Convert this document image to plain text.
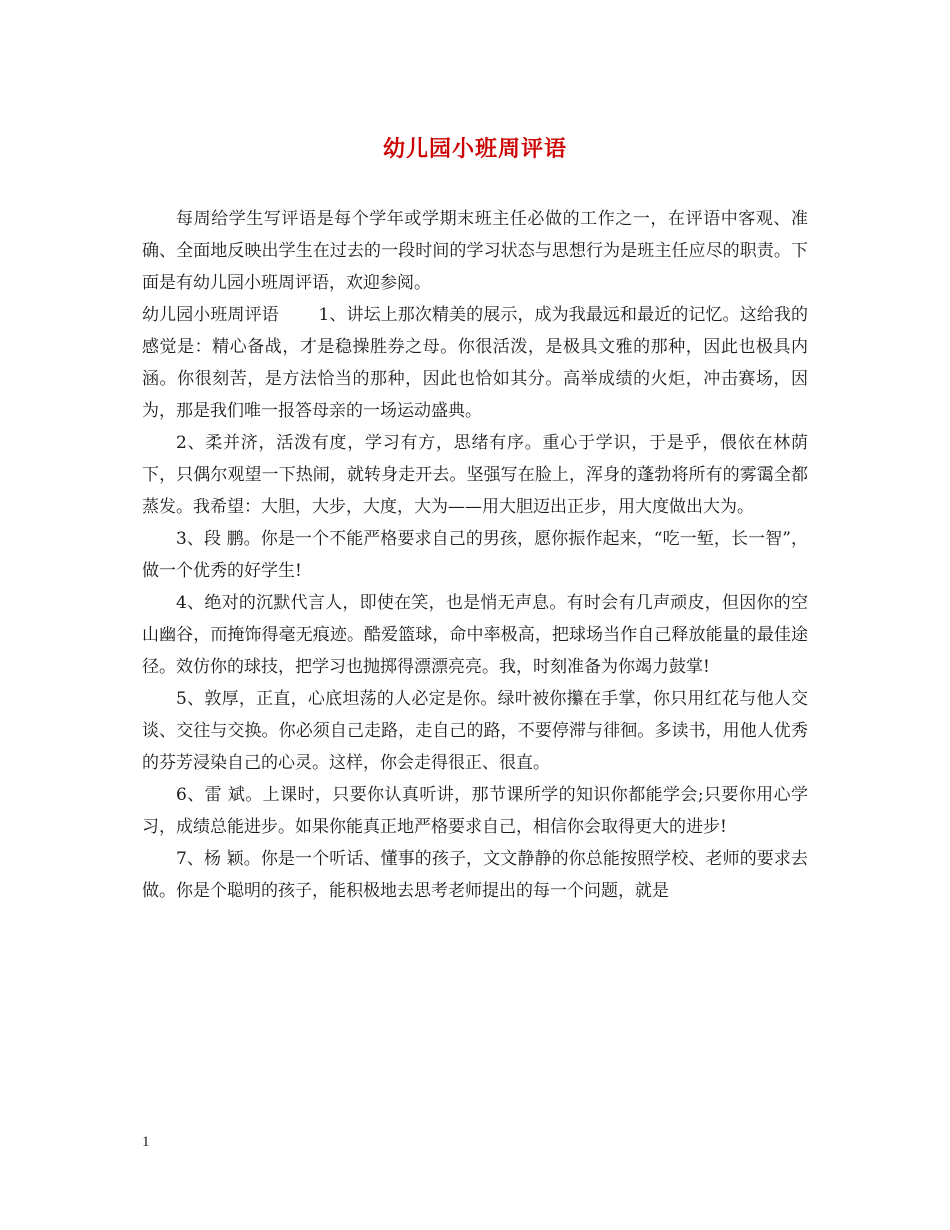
幼儿园小班周评语

每周给学生写评语是每个学年或学期末班主任必做的工作之一，在评语中客观、准确、全面地反映出学生在过去的一段时间的学习状态与思想行为是班主任应尽的职责。下面是有幼儿园小班周评语，欢迎参阅。

幼儿园小班周评语　　 1、讲坛上那次精美的展示，成为我最远和最近的记忆。这给我的感觉是：精心备战，才是稳操胜券之母。你很活泼，是极具文雅的那种，因此也极具内涵。你很刻苦，是方法恰当的那种，因此也恰如其分。高举成绩的火炬，冲击赛场，因为，那是我们唯一报答母亲的一场运动盛典。

2、柔并济，活泼有度，学习有方，思绪有序。重心于学识，于是乎，偎依在林荫下，只偶尔观望一下热闹，就转身走开去。坚强写在脸上，浑身的蓬勃将所有的雾霭全都蒸发。我希望：大胆，大步，大度，大为——用大胆迈出正步，用大度做出大为。

3、段 鹏。你是一个不能严格要求自己的男孩，愿你振作起来，“吃一堑，长一智”，做一个优秀的好学生!

4、绝对的沉默代言人，即使在笑，也是悄无声息。有时会有几声顽皮，但因你的空山幽谷，而掩饰得毫无痕迹。酷爱篮球，命中率极高，把球场当作自己释放能量的最佳途径。效仿你的球技，把学习也抛掷得漂漂亮亮。我，时刻准备为你竭力鼓掌!

5、敦厚，正直，心底坦荡的人必定是你。绿叶被你攥在手掌，你只用红花与他人交谈、交往与交换。你必须自己走路，走自己的路，不要停滞与徘徊。多读书，用他人优秀的芬芳浸染自己的心灵。这样，你会走得很正、很直。

6、雷 斌。上课时，只要你认真听讲，那节课所学的知识你都能学会;只要你用心学习，成绩总能进步。如果你能真正地严格要求自己，相信你会取得更大的进步!

7、杨 颖。你是一个听话、懂事的孩子，文文静静的你总能按照学校、老师的要求去做。你是个聪明的孩子，能积极地去思考老师提出的每一个问题，就是

1
